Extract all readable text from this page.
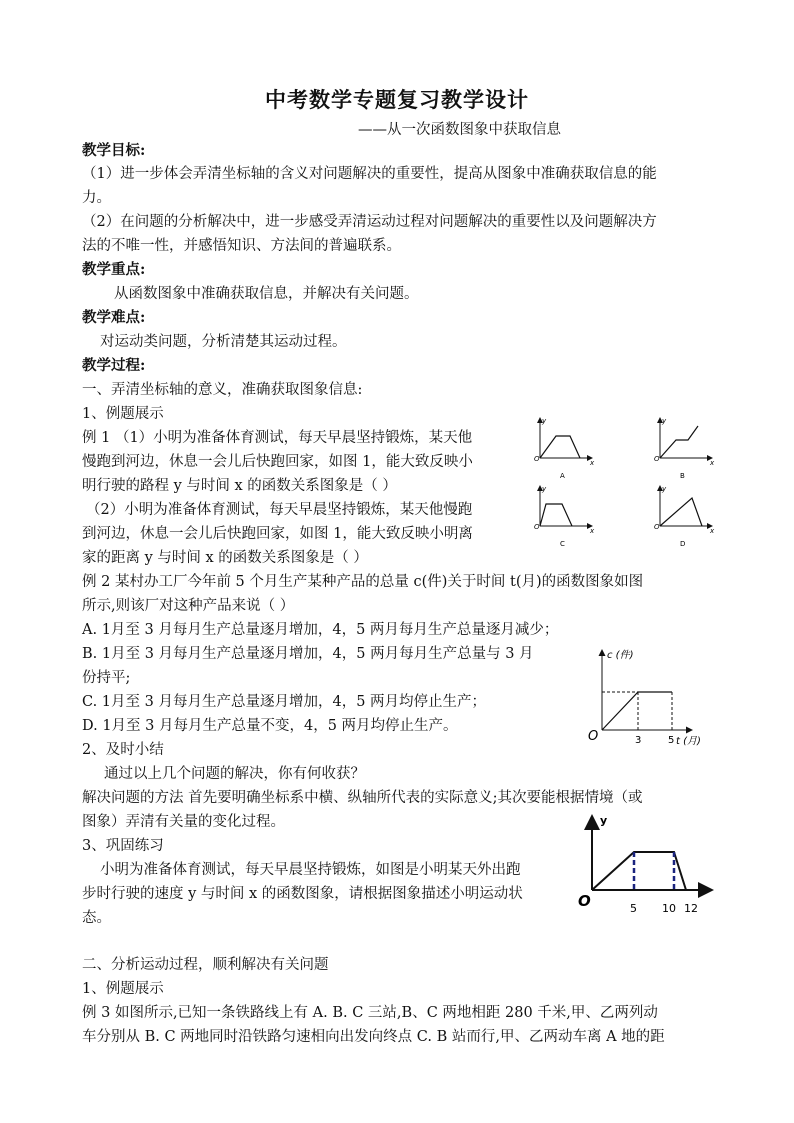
中考数学专题复习教学设计
——从一次函数图象中获取信息
教学目标:
（1）进一步体会弄清坐标轴的含义对问题解决的重要性，提高从图象中准确获取信息的能
力。
（2）在问题的分析解决中，进一步感受弄清运动过程对问题解决的重要性以及问题解决方
法的不唯一性，并感悟知识、方法间的普遍联系。
教学重点:
从函数图象中准确获取信息，并解决有关问题。
教学难点:
对运动类问题，分析清楚其运动过程。
教学过程:
一、弄清坐标轴的意义，准确获取图象信息:
1、例题展示
例 1 （1）小明为准备体育测试，每天早晨坚持锻炼，某天他
慢跑到河边，休息一会儿后快跑回家，如图 1，能大致反映小
明行驶的路程 y 与时间 x 的函数关系图象是（ ）
（2）小明为准备体育测试，每天早晨坚持锻炼，某天他慢跑
到河边，休息一会儿后快跑回家，如图 1，能大致反映小明离
家的距离 y 与时间 x 的函数关系图象是（ ）
例 2 某村办工厂今年前 5 个月生产某种产品的总量 c(件)关于时间 t(月)的函数图象如图
所示,则该厂对这种产品来说（ ）
A. 1月至 3 月每月生产总量逐月增加，4，5 两月每月生产总量逐月减少；
B. 1月至 3 月每月生产总量逐月增加，4，5 两月每月生产总量与 3 月
份持平;
C. 1月至 3 月每月生产总量逐月增加，4，5 两月均停止生产；
D. 1月至 3 月每月生产总量不变，4，5 两月均停止生产。
2、及时小结
通过以上几个问题的解决，你有何收获？
解决问题的方法 首先要明确坐标系中横、纵轴所代表的实际意义;其次要能根据情境（或
图象）弄清有关量的变化过程。
3、巩固练习
小明为准备体育测试，每天早晨坚持锻炼，如图是小明某天外出跑
步时行驶的速度 y 与时间 x 的函数图象，请根据图象描述小明运动状
态。
二、分析运动过程，顺利解决有关问题
1、例题展示
例 3 如图所示,已知一条铁路线上有 A. B. C 三站,B、C 两地相距 280 千米,甲、乙两列动
车分别从 B. C 两地同时沿铁路匀速相向出发向终点 C. B 站而行,甲、乙两动车离 A 地的距
O
y
x
A
O
y
x
B
O
y
x
C
O
y
x
D
O
c (件)
t (月)
3	5
O
y
5 10 12
